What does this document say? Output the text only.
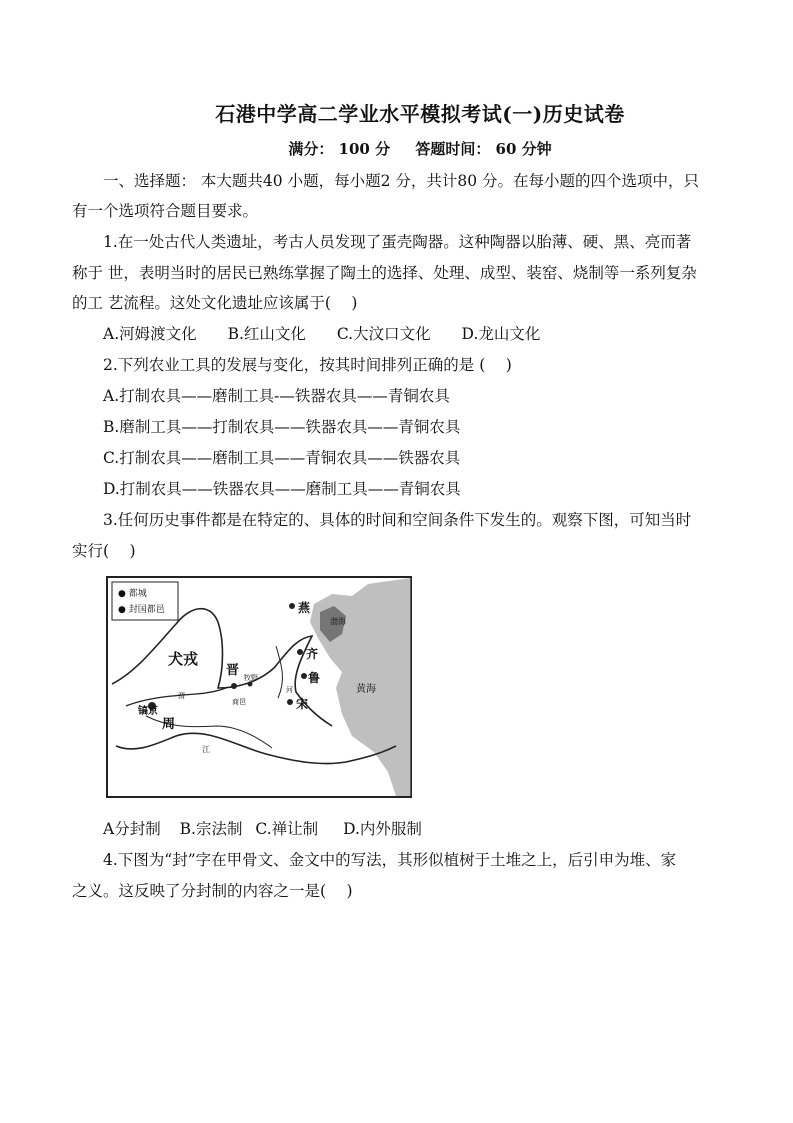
石港中学高二学业水平模拟考试(一)历史试卷
满分： 100 分 答题时间： 60 分钟
一、选择题： 本大题共40 小题，每小题2 分，共计80 分。在每小题的四个选项中，只
有一个选项符合题目要求。
1.在一处古代人类遗址，考古人员发现了蛋壳陶器。这种陶器以胎薄、硬、黑、亮而著
称于 世，表明当时的居民已熟练掌握了陶土的选择、处理、成型、装窑、烧制等一系列复杂
的工 艺流程。这处文化遗址应该属于(　 )
A.河姆渡文化 B.红山文化 C.大汶口文化 D.龙山文化
2.下列农业工具的发展与变化，按其时间排列正确的是 (　 )
A.打制农具——磨制工具-—铁器农具——青铜农具
B.磨制工具——打制农具——铁器农具——青铜农具
C.打制农具——磨制工具——青铜农具——铁器农具
D.打制农具——铁器农具——磨制工具——青铜农具
3.任何历史事件都是在特定的、具体的时间和空间条件下发生的。观察下图，可知当时
实行(　 )
● 都城
● 封国都邑
犬戎
晋
燕
齐
鲁
宋
周
镐京
黄海
渤海
江
牧野
商邑
河
渭
A分封制 B.宗法制 C.禅让制 D.内外服制
4.下图为“封”字在甲骨文、金文中的写法，其形似植树于土堆之上，后引申为堆、家
之义。这反映了分封制的内容之一是(　 )
